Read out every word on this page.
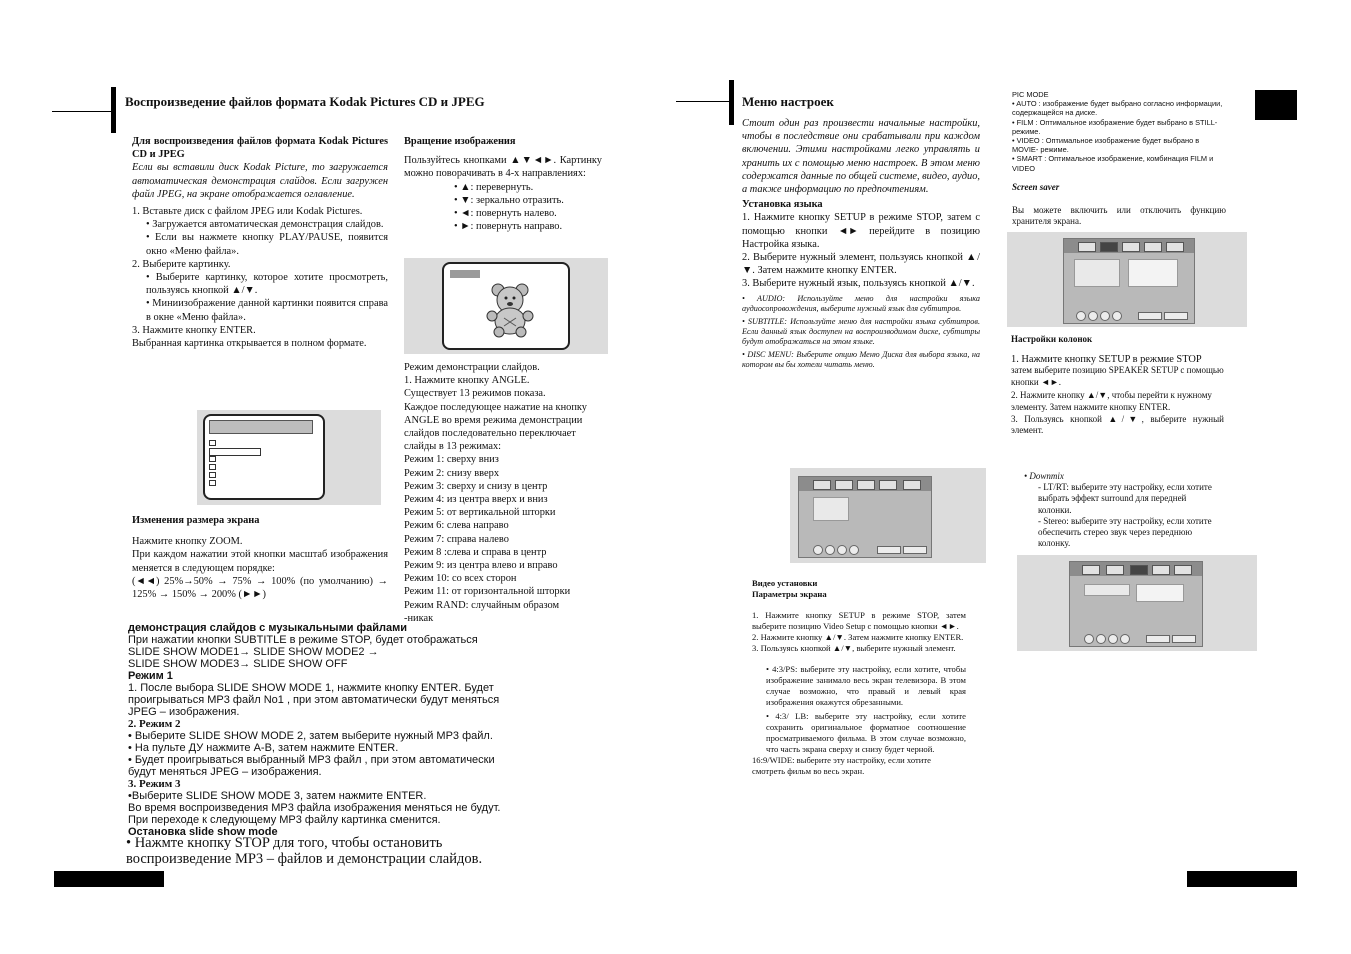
Воспроизведение файлов формата Kodak Pictures CD и JPEG

Для воспроизведения файлов формата Kodak Pictures CD и JPEG

Если вы вставили диск Kodak Picture, то загружается автоматическая демонстрация слайдов. Если загружен файл JPEG, на экране отображается оглавление.

1. Вставьте диск с файлом JPEG или Kodak Pictures.

• Загружается автоматическая демонстрация слайдов.

• Если вы нажмете кнопку PLAY/PAUSE, появится окно «Меню файла».

2. Выберите картинку.

• Выберите картинку, которое хотите просмотреть, пользуясь кнопкой ▲/▼.

• Миниизображение данной картинки появится справа в окне «Меню файла».

3. Нажмите кнопку ENTER.

Выбранная картинка открывается в полном формате.

Изменения размера экрана

Нажмите кнопку ZOOM.

При каждом нажатии этой кнопки масштаб изображения меняется в следующем порядке:

(◄◄) 25%→50% → 75% → 100% (по умолчанию) → 125% → 150% → 200% (►►)

Вращение изображения

Пользуйтесь кнопками ▲▼◄►. Картинку можно поворачивать в 4-х направлениях:

• ▲: перевернуть.

• ▼: зеркально отразить.

• ◄: повернуть налево.

• ►: повернуть направо.

Режим демонстрации слайдов.

1. Нажмите кнопку ANGLE.

Существует 13 режимов показа.

Каждое последующее нажатие на кнопку ANGLE во время режима демонстрации слайдов последовательно переключает слайды в 13 режимах:

Режим 1: сверху вниз

Режим 2: снизу вверх

Режим 3: сверху и снизу в центр

Режим 4: из центра вверх и вниз

Режим 5: от вертикальной шторки

Режим 6: слева направо

Режим 7: справа налево

Режим 8 :слева и справа в центр

Режим 9: из центра влево и вправо

Режим 10: со всех сторон

Режим 11: от горизонтальной шторки

Режим RAND: случайным образом -никак

демонстрация слайдов с музыкальными файлами

При нажатии кнопки SUBTITLE в режиме STOP, будет отображаться

SLIDE SHOW MODE1→ SLIDE SHOW MODE2 →

SLIDE SHOW MODE3→ SLIDE SHOW OFF

Режим 1

1. После выбора SLIDE SHOW MODE 1, нажмите кнопку ENTER. Будет

проигрываться MP3 файл No1 , при этом автоматически будут меняться

JPEG – изображения.

2. Режим 2

• Выберите SLIDE SHOW MODE 2, затем выберите нужный MP3 файл.

• На пульте ДУ нажмите A-B, затем нажмите ENTER.

• Будет проигрываться выбранный MP3 файл , при этом автоматически

будут меняться JPEG – изображения.

3. Режим 3

•Выберите SLIDE SHOW MODE 3, затем нажмите ENTER.

Во время воспроизведения MP3 файла изображения меняться не будут.

При переходе к следующему MP3 файлу картинка сменится.

Остановка slide show mode

• Нажмте кнопку STOP для того, чтобы остановить

воспроизведение MP3 – файлов и демонстрации слайдов.

Меню настроек

Стоит один раз произвести начальные настройки, чтобы в последствие они срабатывали при каждом включении. Этими настройками легко управлять и хранить их с помощью меню настроек. В этом меню содержатся данные по общей системе, видео, аудио, а также информацию по предпочтениям.

Установка языка

1. Нажмите кнопку SETUP в режиме STOP, затем с помощью кнопки ◄► перейдите в позицию Настройка языка.

2. Выберите нужный элемент, пользуясь кнопкой ▲/▼. Затем нажмите кнопку ENTER.

3. Выберите нужный язык, пользуясь кнопкой ▲/▼.

• AUDIO: Используйте меню для настройки языка аудиосопровождения, выберите нужный язык для субтитров.

• SUBTITLE: Используйте меню для настройки языка субтитров. Если данный язык доступен на воспроизводимом диске, субтитры будут отображаться на этом языке.

• DISC MENU: Выберите опцию Меню Диска для выбора языка, на котором вы бы хотели читать меню.

Видео установки

Параметры экрана

1. Нажмите кнопку SETUP в режиме STOP, затем выберите позицию Video Setup с помощью кнопки ◄►.

2. Нажмите кнопку ▲/▼. Затем нажмите кнопку ENTER.

3. Пользуясь кнопкой ▲/▼, выберите нужный элемент.

• 4:3/PS: выберите эту настройку, если хотите, чтобы изображение занимало весь экран телевизора. В этом случае возможно, что правый и левый края изображения окажутся обрезанными.

• 4:3/ LB: выберите эту настройку, если хотите сохранить оригинальное форматное соотношение просматриваемого фильма. В этом случае возможно, что часть экрана сверху и снизу будет черной.

16:9/WIDE: выберите эту настройку, если хотите смотреть фильм во весь экран.

PIC MODE

• AUTO : изображение будет выбрано согласно информации, содержащейся на диске.

• FILM : Оптимальное изображение будет выбрано в STILL- режиме.

• VIDEO : Оптимальное изображение будет выбрано в MOVIE- режиме.

• SMART : Оптимальное изображение, комбинация FILM и VIDEO

Screen saver

Вы можете включить или отключить функцию хранителя экрана.

Настройки колонок

1. Нажмите кнопку SETUP в режмие STOP

затем выберите позицию SPEAKER SETUP с помощью кнопки ◄►.

2. Нажмите кнопку ▲/▼, чтобы перейти к нужному элементу. Затем нажмите кнопку ENTER.

3. Пользуясь кнопкой ▲/▼, выберите нужный элемент.

• Downmix

- LT/RT: выберите эту настройку, если хотите выбрать эффект surround для передней колонки.

- Stereo: выберите эту настройку, если хотите обеспечить стерео звук через переднюю колонку.
